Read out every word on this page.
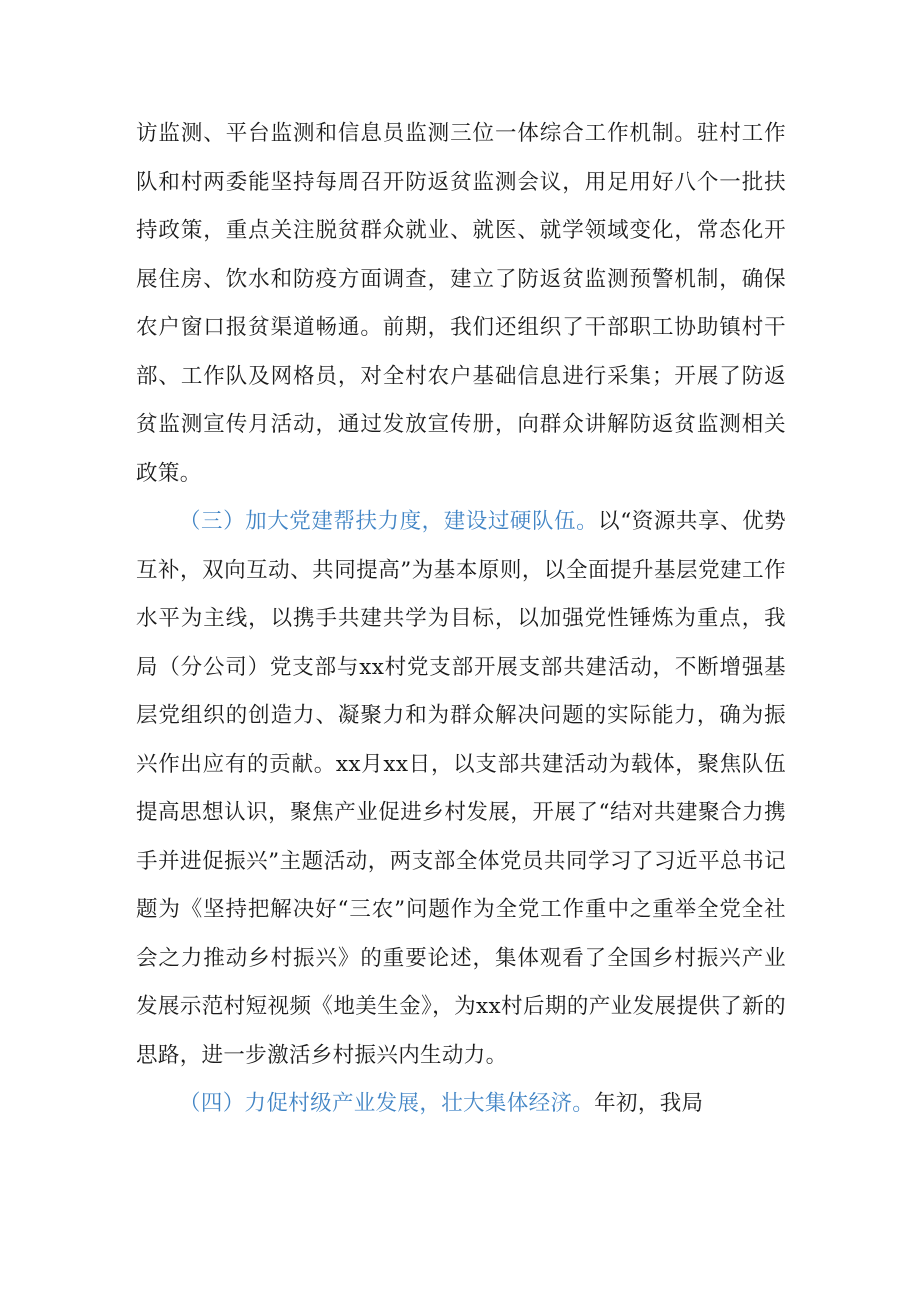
访监测、平台监测和信息员监测三位一体综合工作机制。驻村工作队和村两委能坚持每周召开防返贫监测会议，用足用好八个一批扶持政策，重点关注脱贫群众就业、就医、就学领域变化，常态化开展住房、饮水和防疫方面调查，建立了防返贫监测预警机制，确保农户窗口报贫渠道畅通。前期，我们还组织了干部职工协助镇村干部、工作队及网格员，对全村农户基础信息进行采集；开展了防返贫监测宣传月活动，通过发放宣传册，向群众讲解防返贫监测相关政策。

（三）加大党建帮扶力度，建设过硬队伍。以“资源共享、优势互补，双向互动、共同提高”为基本原则，以全面提升基层党建工作水平为主线，以携手共建共学为目标，以加强党性锤炼为重点，我局（分公司）党支部与xx村党支部开展支部共建活动，不断增强基层党组织的创造力、凝聚力和为群众解决问题的实际能力，确为振兴作出应有的贡献。xx月xx日，以支部共建活动为载体，聚焦队伍提高思想认识，聚焦产业促进乡村发展，开展了“结对共建聚合力携手并进促振兴”主题活动，两支部全体党员共同学习了习近平总书记题为《坚持把解决好“三农”问题作为全党工作重中之重举全党全社会之力推动乡村振兴》的重要论述，集体观看了全国乡村振兴产业发展示范村短视频《地美生金》，为xx村后期的产业发展提供了新的思路，进一步激活乡村振兴内生动力。

（四）力促村级产业发展，壮大集体经济。年初，我局
